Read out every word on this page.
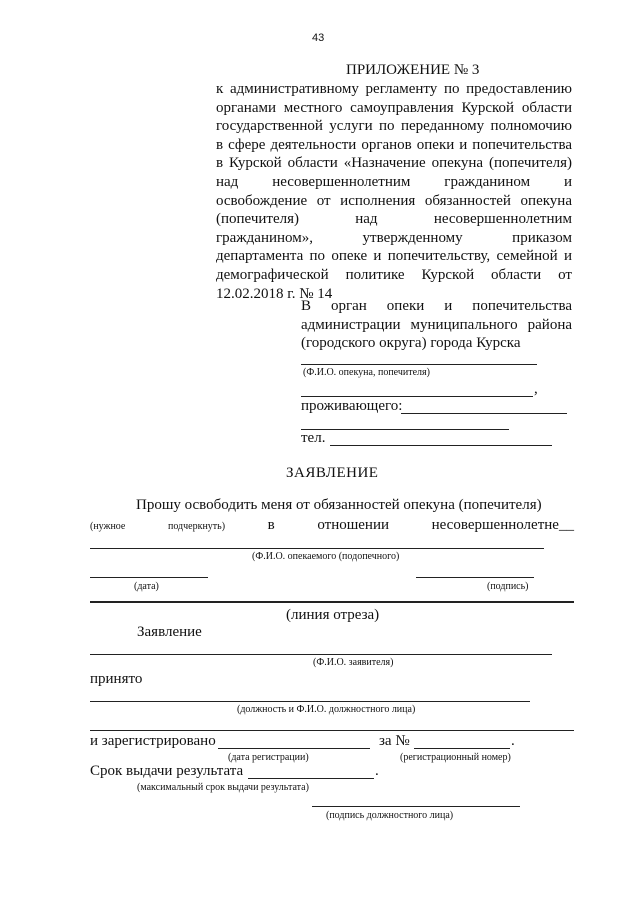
43
ПРИЛОЖЕНИЕ № 3
к административному регламенту по предоставлению
органами местного самоуправления Курской области
государственной услуги по переданному полномочию
в сфере деятельности органов опеки и попечительства
в Курской области «Назначение опекуна (попечителя)
над несовершеннолетним гражданином и
освобождение от исполнения обязанностей опекуна
(попечителя) над несовершеннолетним
гражданином», утвержденному приказом
департамента по опеке и попечительству, семейной и
демографической политике Курской области от
12.02.2018 г. № 14
В орган опеки и попечительства
администрации муниципального района
(городского округа) города Курска
(Ф.И.О. опекуна, попечителя)
,
проживающего:
тел.
ЗАЯВЛЕНИЕ
Прошу освободить меня от обязанностей опекуна (попечителя)
(нужное	подчеркнуть)	в	отношении	несовершеннолетне__
(Ф.И.О. опекаемого (подопечного)
(дата)	(подпись)
(линия отреза)
Заявление
(Ф.И.О. заявителя)
принято
(должность и Ф.И.О. должностного лица)
и зарегистрировано	за №	.
(дата регистрации)	(регистрационный номер)
Срок выдачи результата	.
(максимальный срок выдачи результата)
(подпись должностного лица)
